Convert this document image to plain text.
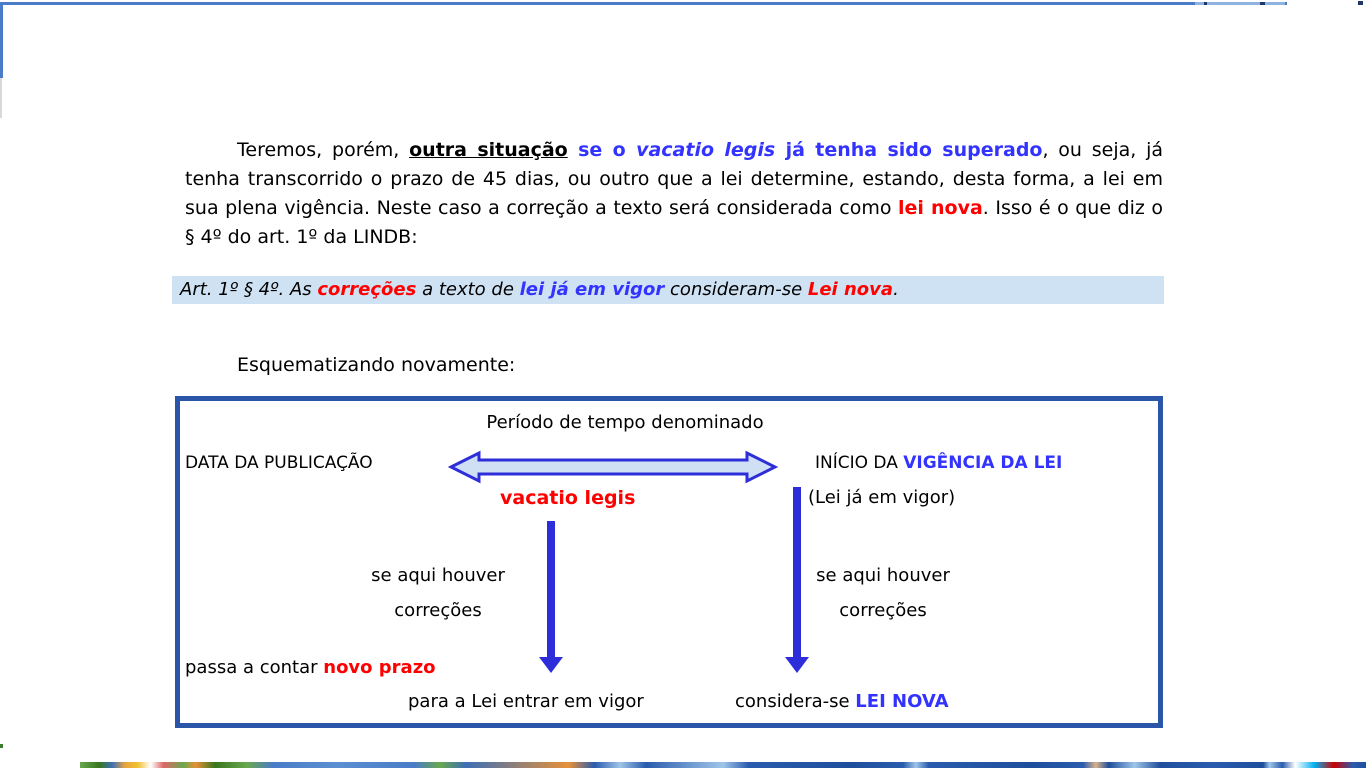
Teremos, porém, outra situação se o vacatio legis já tenha sido superado, ou seja, já tenha transcorrido o prazo de 45 dias, ou outro que a lei determine, estando, desta forma, a lei em sua plena vigência. Neste caso a correção a texto será considerada como lei nova. Isso é o que diz o § 4º do art. 1º da LINDB:

Art. 1º § 4º. As correções a texto de lei já em vigor consideram-se Lei nova.
Esquematizando novamente:
Período de tempo denominado
DATA DA PUBLICAÇÃO	INÍCIO DA VIGÊNCIA DA LEI
vacatio legis	(Lei já em vigor)
se aqui houver
correções
se aqui houver
correções
passa a contar novo prazo
para a Lei entrar em vigor	considera-se LEI NOVA
